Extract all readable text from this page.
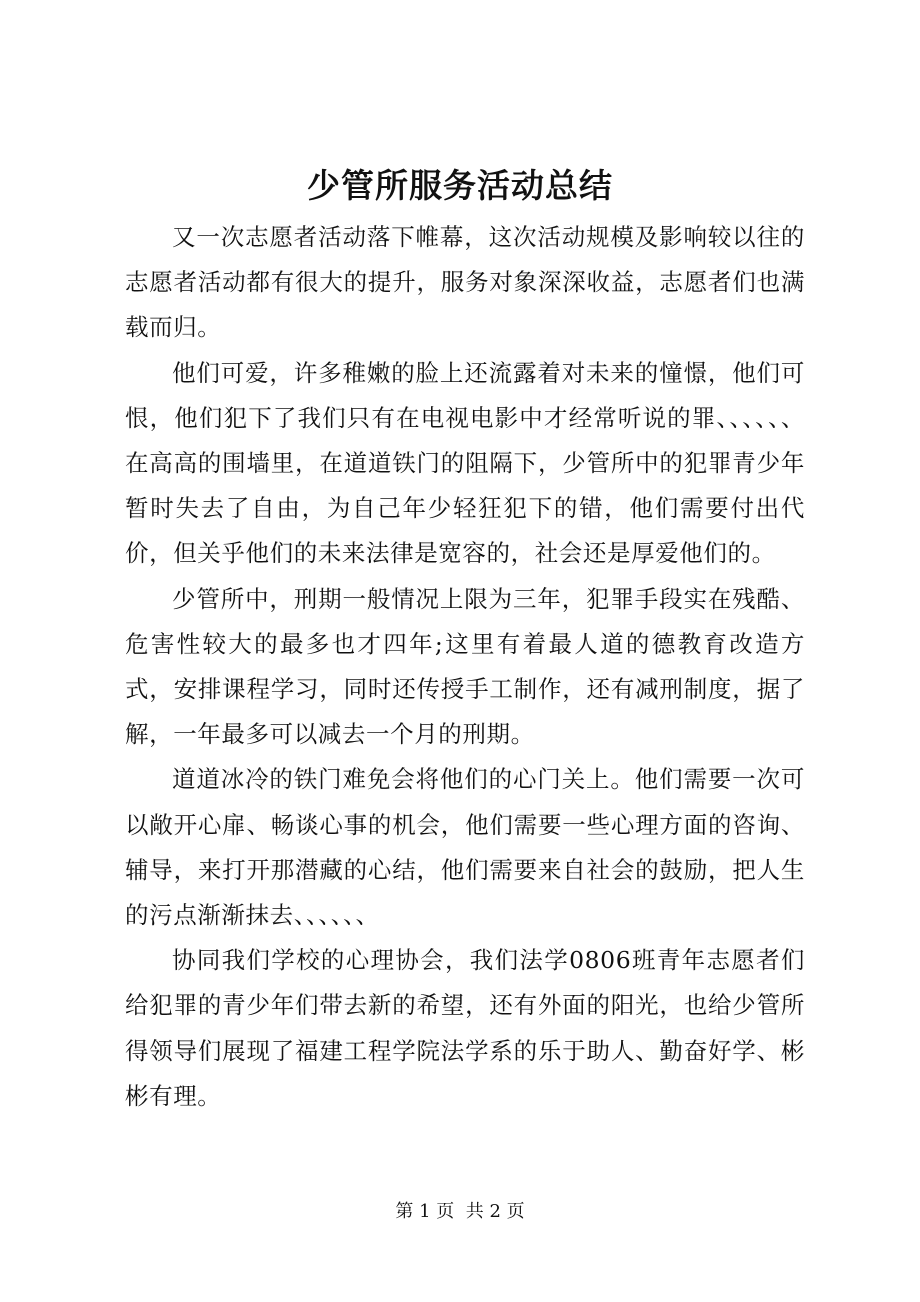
少管所服务活动总结

又一次志愿者活动落下帷幕，这次活动规模及影响较以往的志愿者活动都有很大的提升，服务对象深深收益，志愿者们也满载而归。

他们可爱，许多稚嫩的脸上还流露着对未来的憧憬，他们可恨，他们犯下了我们只有在电视电影中才经常听说的罪、、、、、、在高高的围墙里，在道道铁门的阻隔下，少管所中的犯罪青少年暂时失去了自由，为自己年少轻狂犯下的错，他们需要付出代价，但关乎他们的未来法律是宽容的，社会还是厚爱他们的。

少管所中，刑期一般情况上限为三年，犯罪手段实在残酷、危害性较大的最多也才四年;这里有着最人道的德教育改造方式，安排课程学习，同时还传授手工制作，还有减刑制度，据了解，一年最多可以减去一个月的刑期。

道道冰冷的铁门难免会将他们的心门关上。他们需要一次可以敞开心扉、畅谈心事的机会，他们需要一些心理方面的咨询、辅导，来打开那潜藏的心结，他们需要来自社会的鼓励，把人生的污点渐渐抹去、、、、、、

协同我们学校的心理协会，我们法学0806班青年志愿者们给犯罪的青少年们带去新的希望，还有外面的阳光，也给少管所得领导们展现了福建工程学院法学系的乐于助人、勤奋好学、彬彬有理。

第 1 页 共 2 页
